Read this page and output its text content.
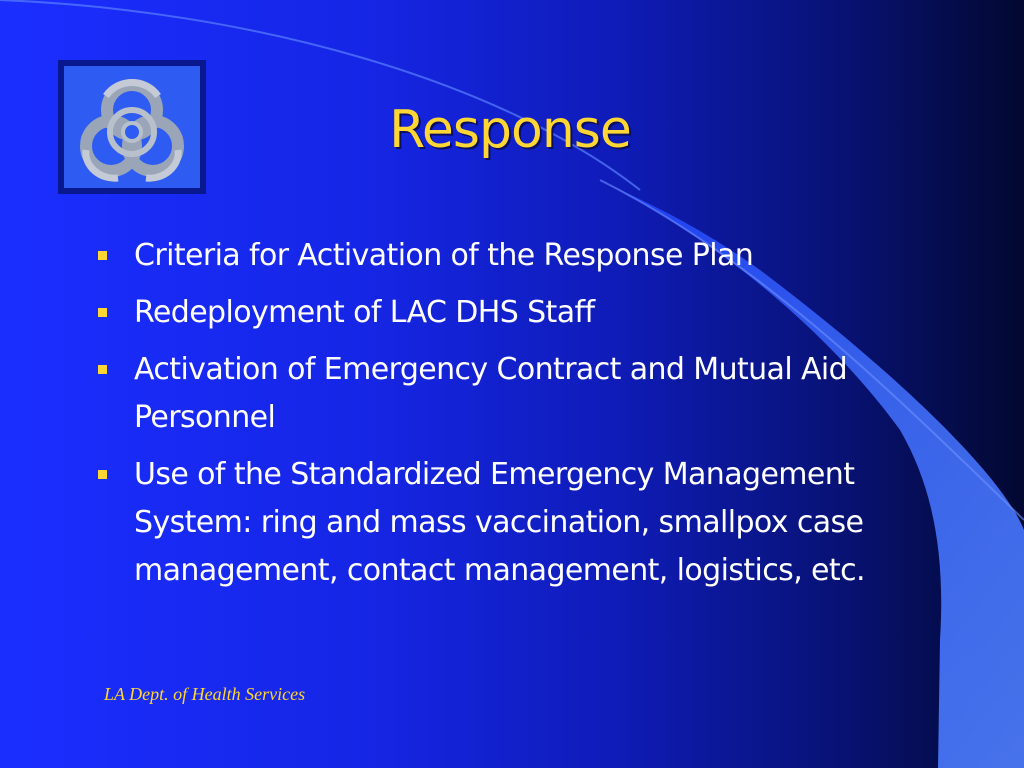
Response
Criteria for Activation of the Response Plan
Redeployment of LAC DHS Staff
Activation of Emergency Contract and Mutual Aid Personnel
Use of the Standardized Emergency Management System: ring and mass vaccination, smallpox case management, contact management, logistics, etc.
LA Dept. of Health Services
